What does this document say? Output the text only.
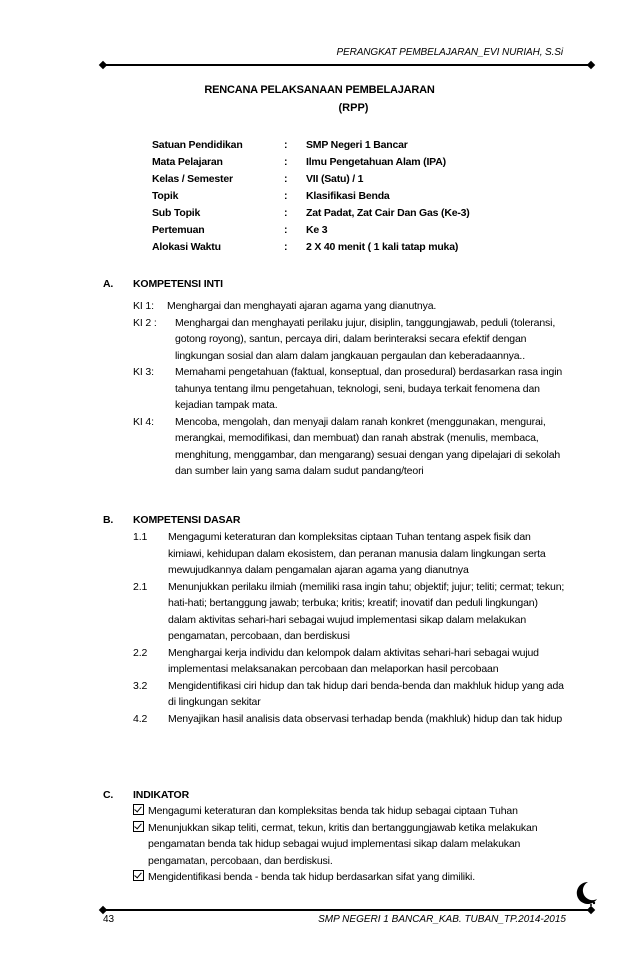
PERANGKAT PEMBELAJARAN_EVI NURIAH, S.Si
RENCANA PELAKSANAAN PEMBELAJARAN
(RPP)
Satuan Pendidikan	:	SMP Negeri 1 Bancar
Mata Pelajaran	:	Ilmu Pengetahuan Alam (IPA)
Kelas / Semester	:	VII (Satu) / 1
Topik	:	Klasifikasi Benda
Sub Topik	:	Zat Padat, Zat Cair Dan Gas (Ke-3)
Pertemuan	:	Ke 3
Alokasi Waktu	:	2 X 40 menit ( 1 kali tatap muka)
A. KOMPETENSI INTI
KI 1:	Menghargai dan menghayati ajaran agama yang dianutnya.
KI 2 :	Menghargai dan menghayati perilaku jujur, disiplin, tanggungjawab, peduli (toleransi, gotong royong), santun, percaya diri, dalam berinteraksi secara efektif dengan lingkungan sosial dan alam dalam jangkauan pergaulan dan keberadaannya..
KI 3:	Memahami pengetahuan (faktual, konseptual, dan prosedural) berdasarkan rasa ingin tahunya tentang ilmu pengetahuan, teknologi, seni, budaya terkait fenomena dan kejadian tampak mata.
KI 4:	Mencoba, mengolah, dan menyaji dalam ranah konkret (menggunakan, mengurai, merangkai, memodifikasi, dan membuat) dan ranah abstrak (menulis, membaca, menghitung, menggambar, dan mengarang) sesuai dengan yang dipelajari di sekolah dan sumber lain yang sama dalam sudut pandang/teori
B. KOMPETENSI DASAR
1.1	Mengagumi keteraturan dan kompleksitas ciptaan Tuhan tentang aspek fisik dan kimiawi, kehidupan dalam ekosistem, dan peranan manusia dalam lingkungan serta mewujudkannya dalam pengamalan ajaran agama yang dianutnya
2.1	Menunjukkan perilaku ilmiah (memiliki rasa ingin tahu; objektif; jujur; teliti; cermat; tekun; hati-hati; bertanggung jawab; terbuka; kritis; kreatif; inovatif dan peduli lingkungan) dalam aktivitas sehari-hari sebagai wujud implementasi sikap dalam melakukan pengamatan, percobaan, dan berdiskusi
2.2	Menghargai kerja individu dan kelompok dalam aktivitas sehari-hari sebagai wujud implementasi melaksanakan percobaan dan melaporkan hasil percobaan
3.2	Mengidentifikasi ciri hidup dan tak hidup dari benda-benda dan makhluk hidup yang ada di lingkungan sekitar
4.2	Menyajikan hasil analisis data observasi terhadap benda (makhluk) hidup dan tak hidup
C. INDIKATOR
Mengagumi keteraturan dan kompleksitas benda tak hidup sebagai ciptaan Tuhan
Menunjukkan sikap teliti, cermat, tekun, kritis dan bertanggungjawab ketika melakukan pengamatan benda tak hidup sebagai wujud implementasi sikap dalam melakukan pengamatan, percobaan, dan berdiskusi.
Mengidentifikasi benda - benda tak hidup berdasarkan sifat yang dimiliki.
43	SMP NEGERI 1 BANCAR_KAB. TUBAN_TP.2014-2015
